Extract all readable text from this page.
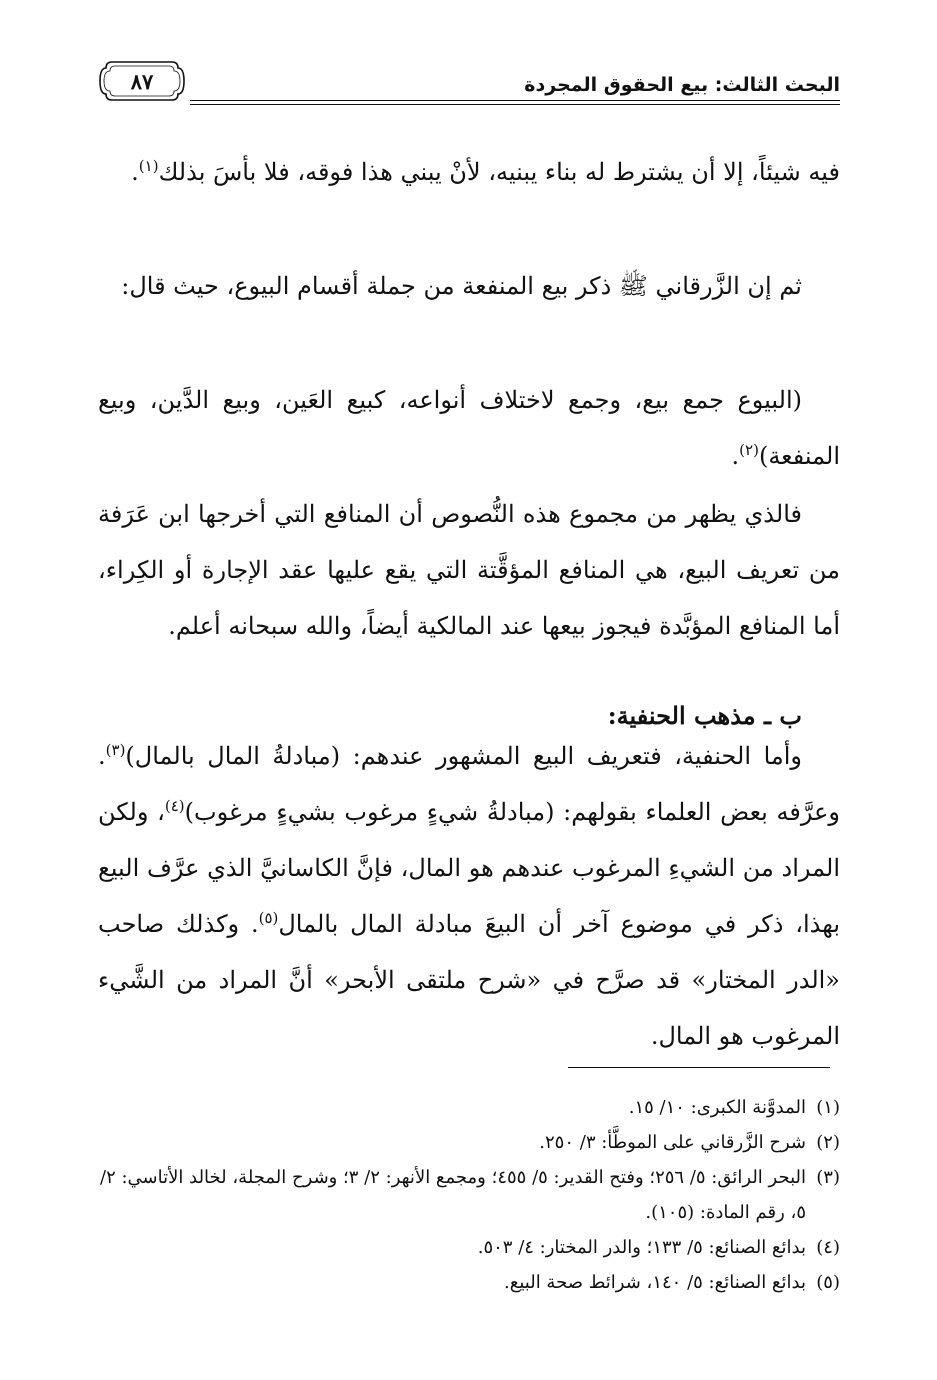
البحث الثالث: بيع الحقوق المجردة
٨٧

فيه شيئاً، إلا أن يشترط له بناء يبنيه، لأنْ يبني هذا فوقه، فلا بأسَ بذلك$^{(١)}$.

ثم إن الزَّرقاني ﷺ ذكر بيع المنفعة من جملة أقسام البيوع، حيث قال:

(البيوع جمع بيع، وجمع لاختلاف أنواعه، كبيع العَين، وبيع الدَّين، وبيع المنفعة)$^{(٢)}$.

فالذي يظهر من مجموع هذه النُّصوص أن المنافع التي أخرجها ابن عَرَفة من تعريف البيع، هي المنافع المؤقَّتة التي يقع عليها عقد الإجارة أو الكِراء، أما المنافع المؤبَّدة فيجوز بيعها عند المالكية أيضاً، والله سبحانه أعلم.

ب ـ مذهب الحنفية:

وأما الحنفية، فتعريف البيع المشهور عندهم: (مبادلةُ المال بالمال)$^{(٣)}$. وعرَّفه بعض العلماء بقولهم: (مبادلةُ شيءٍ مرغوب بشيءٍ مرغوب)$^{(٤)}$، ولكن المراد من الشيءِ المرغوب عندهم هو المال، فإنَّ الكاسانيَّ الذي عرَّف البيع بهذا، ذكر في موضوع آخر أن البيعَ مبادلة المال بالمال$^{(٥)}$. وكذلك صاحب «الدر المختار» قد صرَّح في «شرح ملتقى الأبحر» أنَّ المراد من الشَّيء المرغوب هو المال.

(١)
المدوَّنة الكبرى: ١٠/ ١٥.
(٢)
شرح الزَّرقاني على الموطَّأ: ٣/ ٢٥٠.
(٣)
البحر الرائق: ٥/ ٢٥٦؛ وفتح القدير: ٥/ ٤٥٥؛ ومجمع الأنهر: ٢/ ٣؛ وشرح المجلة، لخالد الأتاسي: ٢/ ٥، رقم المادة: (١٠٥).
(٤)
بدائع الصنائع: ٥/ ١٣٣؛ والدر المختار: ٤/ ٥٠٣.
(٥)
بدائع الصنائع: ٥/ ١٤٠، شرائط صحة البيع.
